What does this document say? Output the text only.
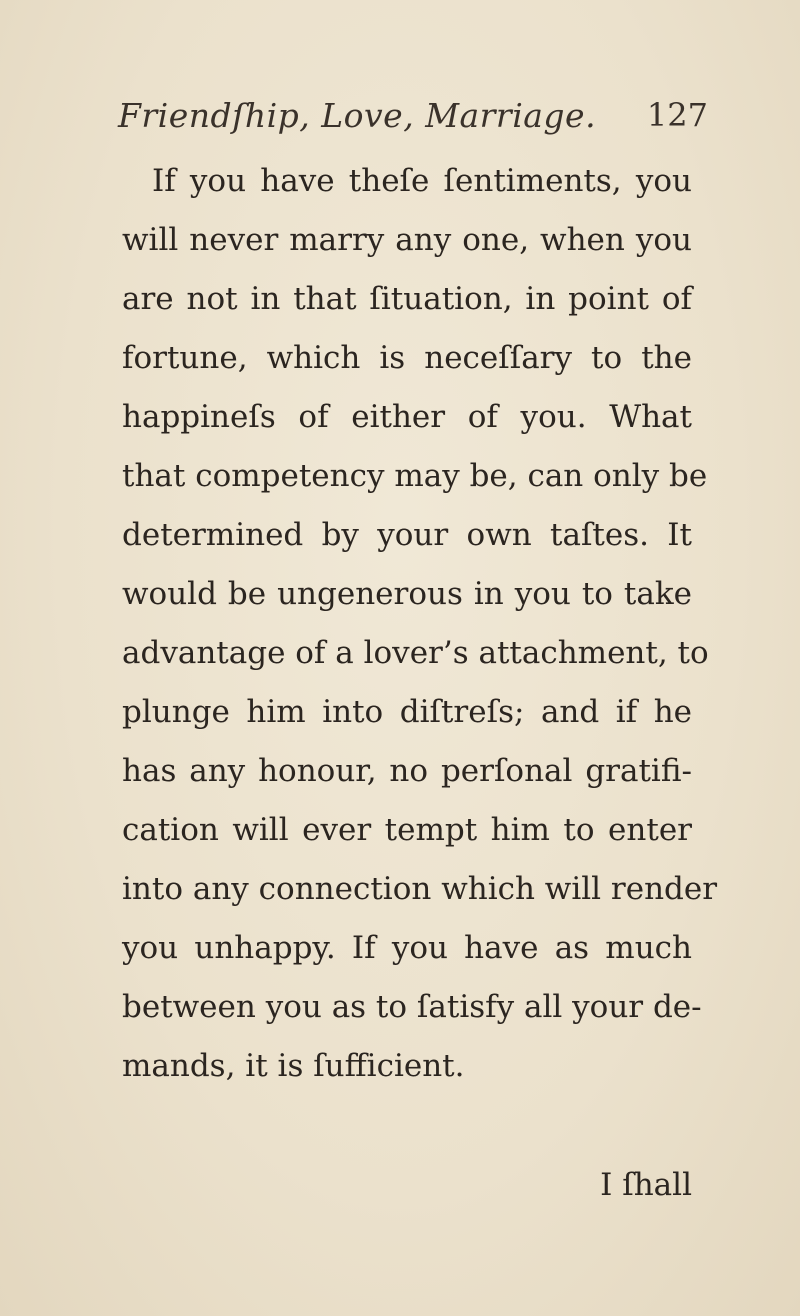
Friendſhip, Love, Marriage. 127
If you have theſe ſentiments, you
will never marry any one, when you
are not in that ſituation, in point of
fortune, which is neceſſary to the
happineſs of either of you. What
that competency may be, can only be
determined by your own taſtes. It
would be ungenerous in you to take
advantage of a lover’s attachment, to
plunge him into diſtreſs; and if he
has any honour, no perſonal gratifi-
cation will ever tempt him to enter
into any connection which will render
you unhappy. If you have as much
between you as to ſatisfy all your de-
mands, it is ſufficient.
I ſhall
